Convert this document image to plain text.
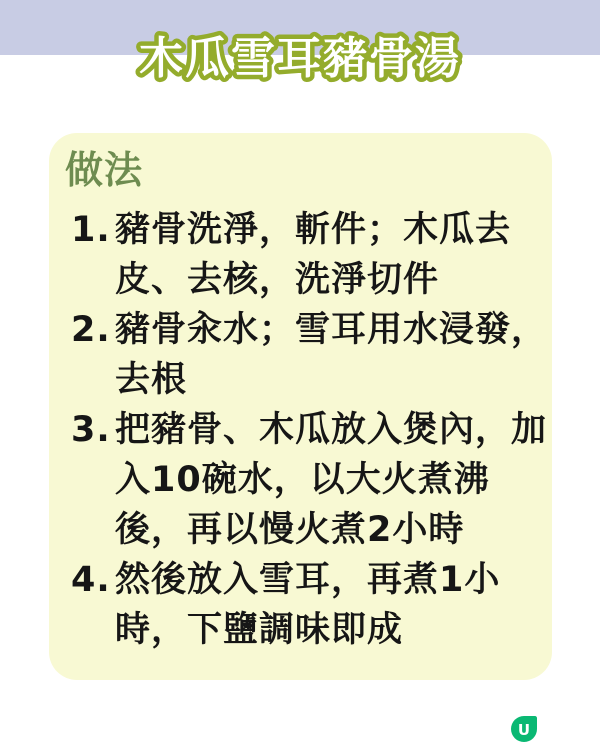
木瓜雪耳豬骨湯
做法
1. 豬骨洗淨，斬件；木瓜去
皮、去核，洗淨切件
2. 豬骨汆水；雪耳用水浸發，
去根
3. 把豬骨、木瓜放入煲內，加
入10碗水，以大火煮沸
後，再以慢火煮2小時
4. 然後放入雪耳，再煮1小
時，下鹽調味即成
U
